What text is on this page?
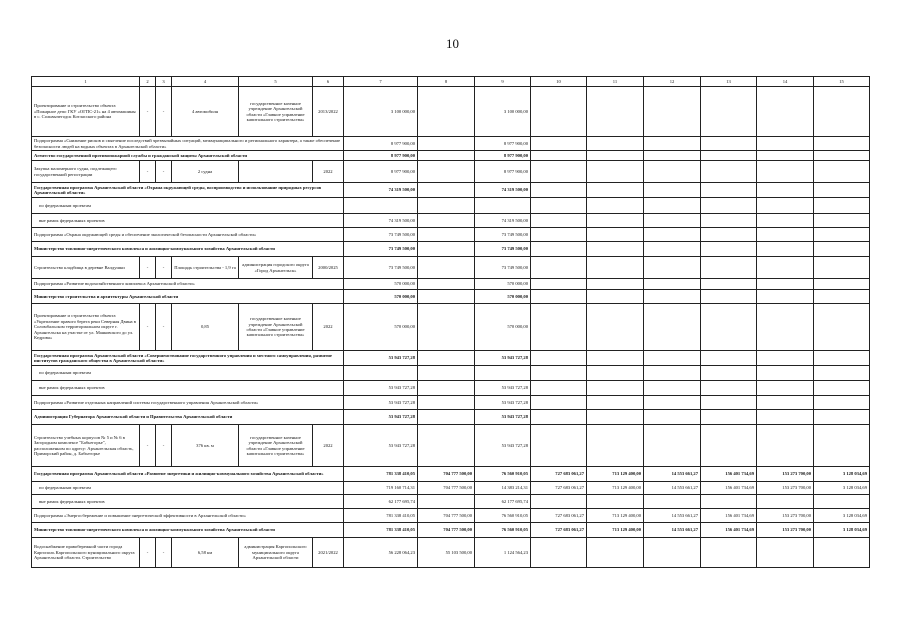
10
1	2	3	4	5	6	7	8	9	10	11	12	13	14	15
Проектирование и строительство объекта «Пожарное депо ГКУ «ОГПС-21» на 4 автомашины в с. Сольвычегодск Котласского района	-	-	4 автомобиля	государственное казенное учреждение Архангельской области «Главное управление капитального строительства»	2013/2022	3 100 000,00		3 100 000,00						
Подпрограмма «Снижение рисков и смягчение последствий чрезвычайных ситуаций, межмуниципального и регионального характера, а также обеспечение безопасности людей на водных объектах в Архангельской области»						8 977 900,00		8 977 900,00						
Агентство государственной противопожарной службы и гражданской защиты Архангельской области						8 977 900,00		8 977 900,00						
Закупка маломерного судна, подлежащего государственной регистрации	-	-	2 судна		2022	8 977 900,00		8 977 900,00						
Государственная программа Архангельской области «Охрана окружающей среды, воспроизводство и использование природных ресурсов Архангельской области»						74 319 500,00		74 319 500,00						
по федеральным проектам														
вне рамок федеральных проектов						74 319 500,00		74 319 500,00						
Подпрограмма «Охрана окружающей среды и обеспечение экологической безопасности Архангельской области»						73 749 500,00		73 749 500,00						
Министерство топливно-энергетического комплекса и жилищно-коммунального хозяйства Архангельской области						73 749 500,00		73 749 500,00						
Строительство кладбища в деревне Валдушки	-	-	Площадь строительства - 1,9 га	администрация городского округа «Город Архангельск»	2000/2025	73 749 500,00		73 749 500,00						
Подпрограмма «Развитие водохозяйственного комплекса Архангельской области»						570 000,00		570 000,00						
Министерство строительства и архитектуры Архангельской области						570 000,00		570 000,00						
Проектирование и строительство объекта «Укрепление правого берега реки Северная Двина в Соломбальском территориальном округе г. Архангельска на участке от ул. Маяковского до ул. Кедрова»	-	-	0,85	государственное казенное учреждение Архангельской области «Главное управление капитального строительства»	2022	570 000,00		570 000,00						
Государственная программа Архангельской области «Совершенствование государственного управления и местного самоуправления, развитие институтов гражданского общества в Архангельской области»						53 943 727,28		53 943 727,28						
по федеральным проектам														
вне рамок федеральных проектов						53 943 727,28		53 943 727,28						
Подпрограмма «Развитие отдельных направлений системы государственного управления Архангельской области»						53 943 727,28		53 943 727,28						
Администрация Губернатора Архангельской области и Правительства Архангельской области						53 943 727,28		53 943 727,28						
Строительство учебных корпусов № 5 и № 6 в Загородном комплексе "Бабьегорье", расположенном по адресу: Архангельская область, Приморский район, д. Бабьегорье	-	-	376 кв. м	государственное казенное учреждение Архангельской области «Главное управление капитального строительства»	2022	53 943 727,28		53 943 727,28						
Государственная программа Архангельской области «Развитие энергетики и жилищно-коммунального хозяйства Архангельской области»						781 338 410,05	704 777 500,00	76 560 910,05	727 683 061,27	713 129 400,00	14 553 661,27	156 401 734,69	153 273 700,00	3 128 034,69
по федеральным проектам						719 160 714,31	704 777 500,00	14 383 214,31	727 683 061,27	713 129 400,00	14 553 661,27	156 401 734,69	153 273 700,00	3 128 034,69
вне рамок федеральных проектов						62 177 695,74		62 177 695,74						
Подпрограмма «Энергосбережение и повышение энергетической эффективности в Архангельской области»						781 338 410,05	704 777 500,00	76 560 910,05	727 683 061,27	713 129 400,00	14 553 661,27	156 401 734,69	153 273 700,00	3 128 034,69
Министерство топливно-энергетического комплекса и жилищно-коммунального хозяйства Архангельской области						781 338 410,05	704 777 500,00	76 560 910,05	727 683 061,27	713 129 400,00	14 553 661,27	156 401 734,69	153 273 700,00	3 128 034,69
Водоснабжение правобережной части города Каргополь Каргопольского муниципального округа Архангельской области. Строительство	-	-	6,58 км	администрация Каргопольского муниципального округа Архангельской области	2021/2022	56 228 064,23	55 103 500,00	1 124 564,23						
